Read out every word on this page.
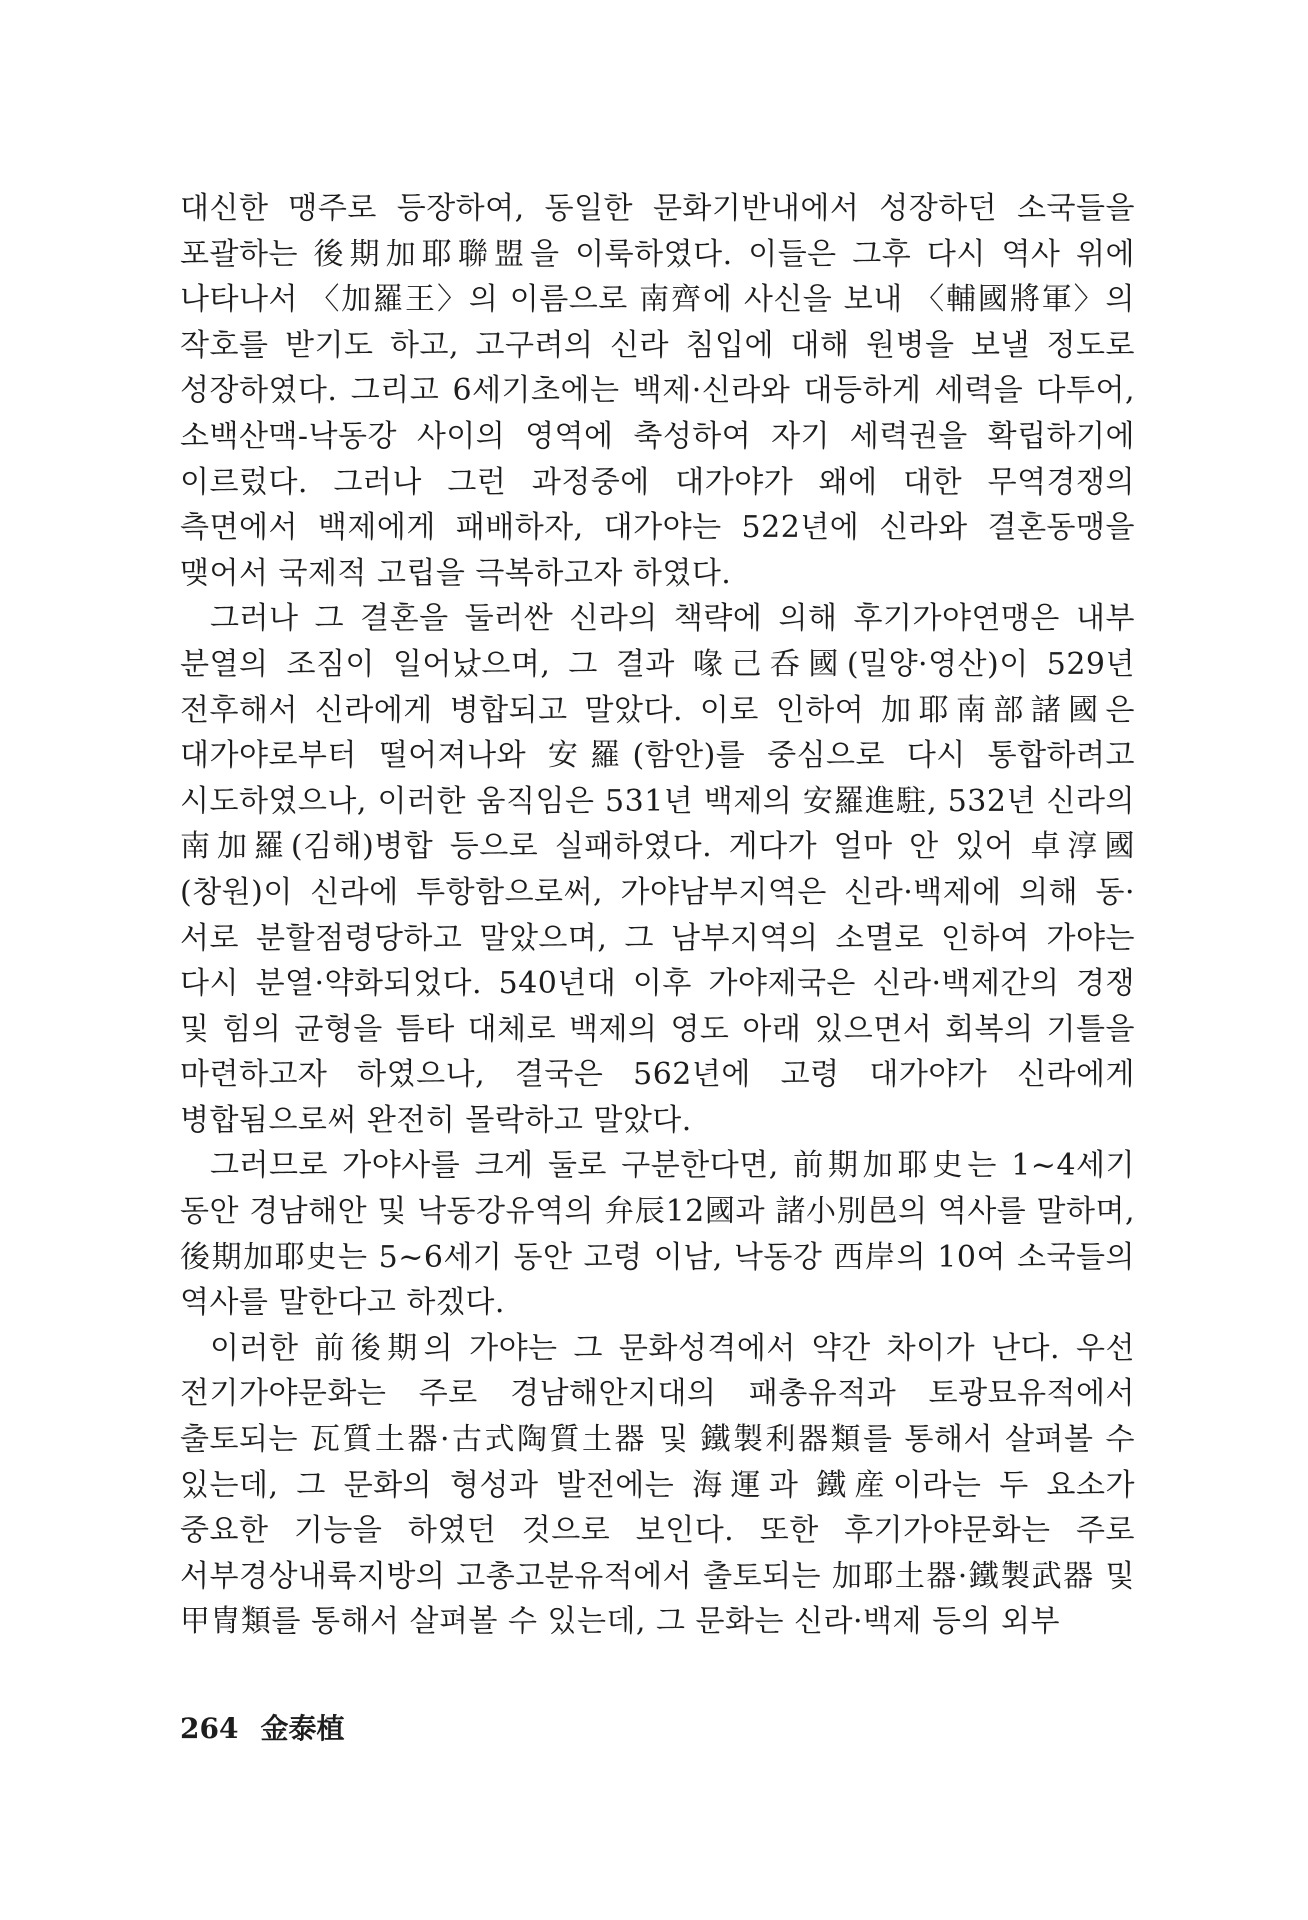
대신한 맹주로 등장하여, 동일한 문화기반내에서 성장하던 소국들을 포괄하는 後期加耶聯盟을 이룩하였다. 이들은 그후 다시 역사 위에 나타나서 〈加羅王〉의 이름으로 南齊에 사신을 보내 〈輔國將軍〉의 작호를 받기도 하고, 고구려의 신라 침입에 대해 원병을 보낼 정도로 성장하였다. 그리고 6세기초에는 백제·신라와 대등하게 세력을 다투어, 소백산맥-낙동강 사이의 영역에 축성하여 자기 세력권을 확립하기에 이르렀다. 그러나 그런 과정중에 대가야가 왜에 대한 무역경쟁의 측면에서 백제에게 패배하자, 대가야는 522년에 신라와 결혼동맹을 맺어서 국제적 고립을 극복하고자 하였다.

그러나 그 결혼을 둘러싼 신라의 책략에 의해 후기가야연맹은 내부 분열의 조짐이 일어났으며, 그 결과 喙己呑國(밀양·영산)이 529년 전후해서 신라에게 병합되고 말았다. 이로 인하여 加耶南部諸國은 대가야로부터 떨어져나와 安羅(함안)를 중심으로 다시 통합하려고 시도하였으나, 이러한 움직임은 531년 백제의 安羅進駐, 532년 신라의 南加羅(김해)병합 등으로 실패하였다. 게다가 얼마 안 있어 卓淳國(창원)이 신라에 투항함으로써, 가야남부지역은 신라·백제에 의해 동·서로 분할점령당하고 말았으며, 그 남부지역의 소멸로 인하여 가야는 다시 분열·약화되었다. 540년대 이후 가야제국은 신라·백제간의 경쟁 및 힘의 균형을 틈타 대체로 백제의 영도 아래 있으면서 회복의 기틀을 마련하고자 하였으나, 결국은 562년에 고령 대가야가 신라에게 병합됨으로써 완전히 몰락하고 말았다.

그러므로 가야사를 크게 둘로 구분한다면, 前期加耶史는 1~4세기 동안 경남해안 및 낙동강유역의 弁辰12國과 諸小別邑의 역사를 말하며, 後期加耶史는 5~6세기 동안 고령 이남, 낙동강 西岸의 10여 소국들의 역사를 말한다고 하겠다.

이러한 前後期의 가야는 그 문화성격에서 약간 차이가 난다. 우선 전기가야문화는 주로 경남해안지대의 패총유적과 토광묘유적에서 출토되는 瓦質土器·古式陶質土器 및 鐵製利器類를 통해서 살펴볼 수 있는데, 그 문화의 형성과 발전에는 海運과 鐵産이라는 두 요소가 중요한 기능을 하였던 것으로 보인다. 또한 후기가야문화는 주로 서부경상내륙지방의 고총고분유적에서 출토되는 加耶土器·鐵製武器 및 甲冑類를 통해서 살펴볼 수 있는데, 그 문화는 신라·백제 등의 외부

264 金泰植
